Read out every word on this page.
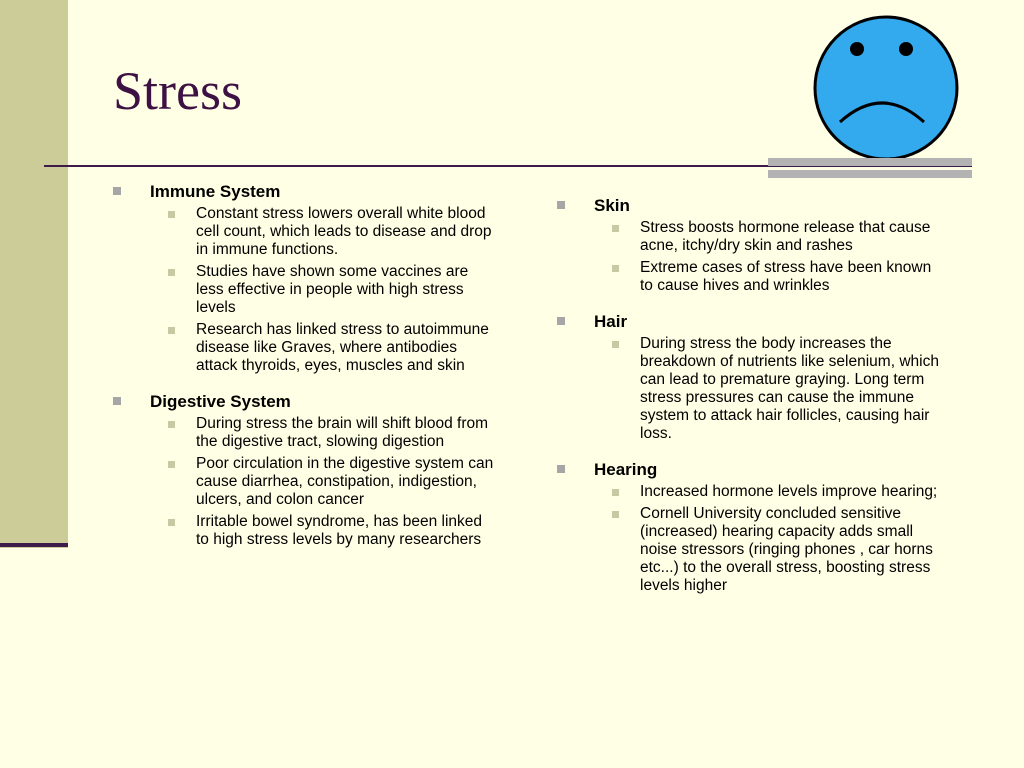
Stress
Immune System
Constant stress lowers overall white blood cell count, which leads to disease and drop in immune functions.
Studies have shown some vaccines are less effective in people with high stress levels
Research has linked stress to autoimmune disease like Graves, where antibodies attack thyroids, eyes, muscles and skin
Digestive System
During stress the brain will shift blood from the digestive tract, slowing digestion
Poor circulation in the digestive system can cause diarrhea, constipation, indigestion, ulcers, and colon cancer
Irritable bowel syndrome, has been linked to high stress levels by many researchers
Skin
Stress boosts hormone release that cause acne, itchy/dry skin and rashes
Extreme cases of stress have been known to cause hives and wrinkles
Hair
During stress the body increases the breakdown of nutrients like selenium, which can lead to premature graying. Long term stress pressures can cause the immune system to attack hair follicles, causing hair loss.
Hearing
Increased hormone levels improve hearing;
Cornell University concluded sensitive (increased) hearing capacity adds small noise stressors (ringing phones , car horns etc...) to the overall stress, boosting stress levels higher
